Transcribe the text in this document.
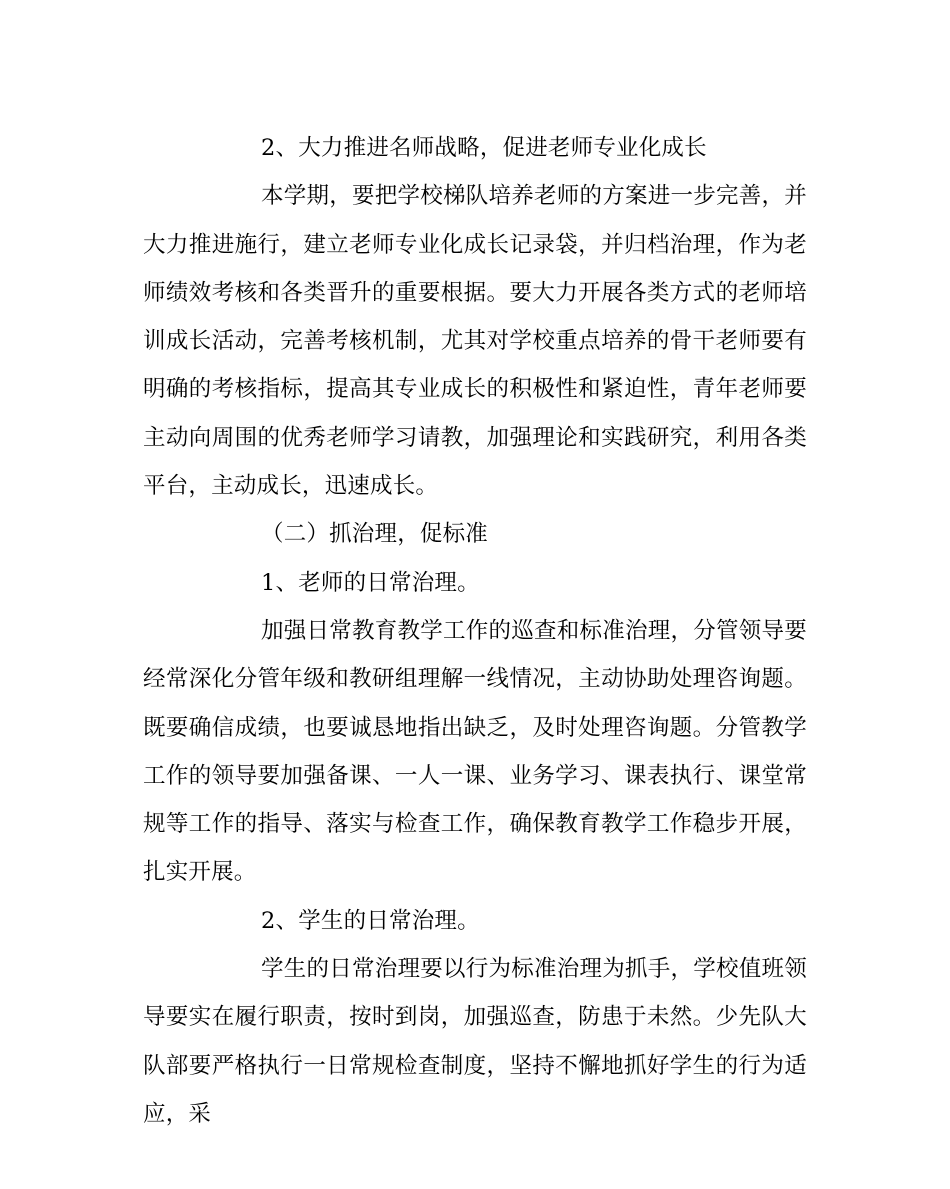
2、大力推进名师战略，促进老师专业化成长

本学期，要把学校梯队培养老师的方案进一步完善，并大力推进施行，建立老师专业化成长记录袋，并归档治理，作为老师绩效考核和各类晋升的重要根据。要大力开展各类方式的老师培训成长活动，完善考核机制，尤其对学校重点培养的骨干老师要有明确的考核指标，提高其专业成长的积极性和紧迫性，青年老师要主动向周围的优秀老师学习请教，加强理论和实践研究，利用各类平台，主动成长，迅速成长。

（二）抓治理，促标准

1、老师的日常治理。

加强日常教育教学工作的巡查和标准治理，分管领导要经常深化分管年级和教研组理解一线情况，主动协助处理咨询题。既要确信成绩，也要诚恳地指出缺乏，及时处理咨询题。分管教学工作的领导要加强备课、一人一课、业务学习、课表执行、课堂常规等工作的指导、落实与检查工作，确保教育教学工作稳步开展，扎实开展。

2、学生的日常治理。

学生的日常治理要以行为标准治理为抓手，学校值班领导要实在履行职责，按时到岗，加强巡查，防患于未然。少先队大队部要严格执行一日常规检查制度，坚持不懈地抓好学生的行为适应，采
